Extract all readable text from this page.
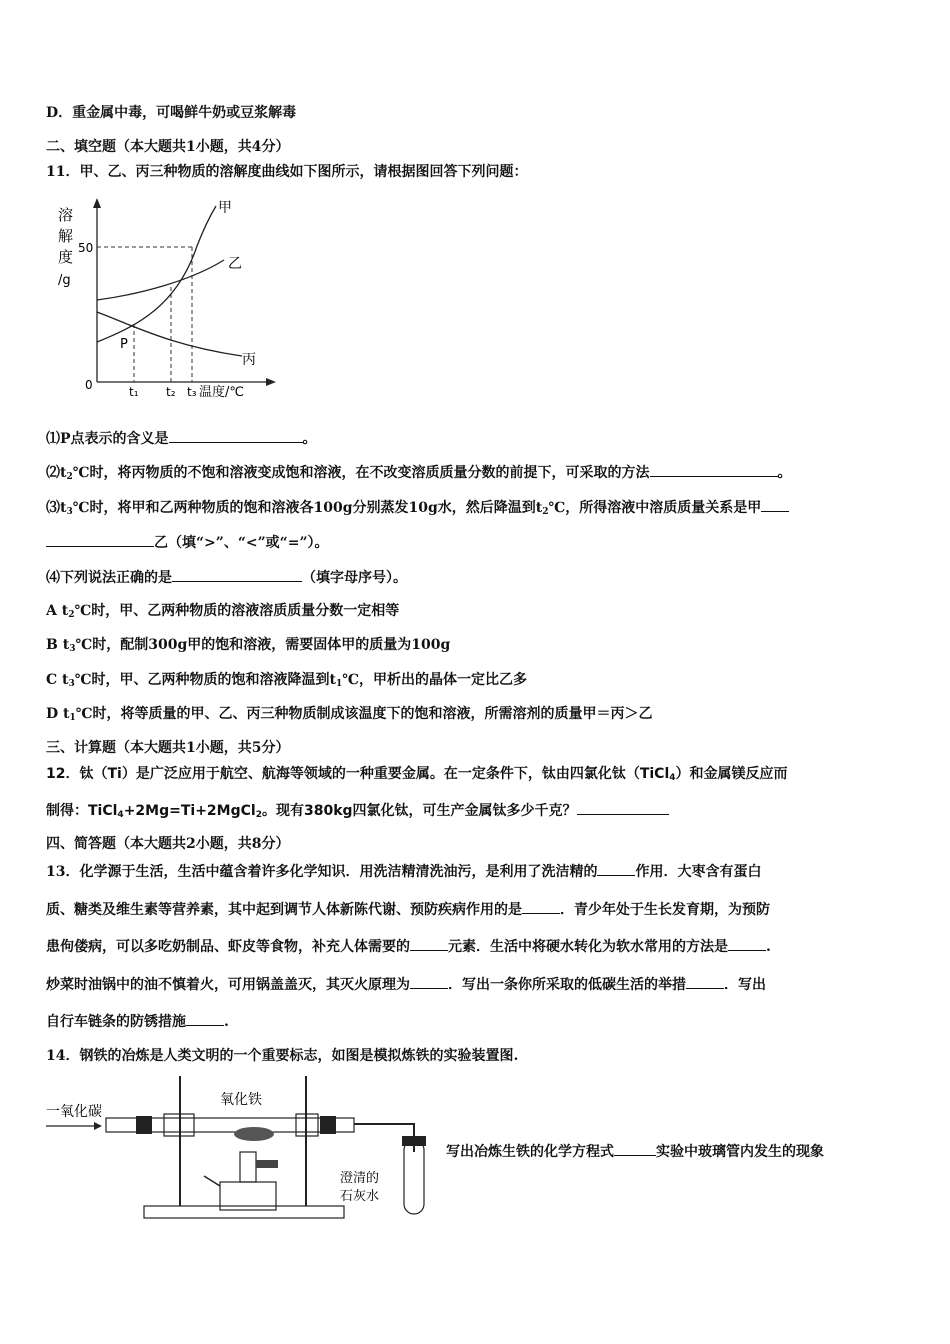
D．重金属中毒，可喝鲜牛奶或豆浆解毒
二、填空题（本大题共1小题，共4分）
11．甲、乙、丙三种物质的溶解度曲线如下图所示，请根据图回答下列问题：
溶
解
度
/g
50
0
甲
乙
丙
P
t₁ t₂ t₃ 温度/℃
⑴P点表示的含义是	。
$⑵t_2℃$时，将丙物质的不饱和溶液变成饱和溶液，在不改变溶质质量分数的前提下，可采取的方法	。
$⑶t_3℃$时，将甲和乙两种物质的饱和溶液各100g分别蒸发10g水，然后降温到$t_2℃$，所得溶液中溶质质量关系是甲
乙（填“>”、“<”或“=”）。
⑷下列说法正确的是	（填字母序号）。
A $t_2℃$时，甲、乙两种物质的溶液溶质质量分数一定相等
B $t_3℃$时，配制300g甲的饱和溶液，需要固体甲的质量为100g
C $t_3℃$时，甲、乙两种物质的饱和溶液降温到$t_1℃$，甲析出的晶体一定比乙多
D $t_1℃$时，将等质量的甲、乙、丙三种物质制成该温度下的饱和溶液，所需溶剂的质量甲＝丙＞乙
三、计算题（本大题共1小题，共5分）
12．钛（Ti）是广泛应用于航空、航海等领域的一种重要金属。在一定条件下，钛由四氯化钛（TiCl$_4$）和金属镁反应而
制得：TiCl$_4$+2Mg=Ti+2MgCl$_2$。现有380kg四氯化钛，可生产金属钛多少千克？
四、简答题（本大题共2小题，共8分）
13．化学源于生活，生活中蕴含着许多化学知识．用洗洁精清洗油污，是利用了洗洁精的	作用．大枣含有蛋白
质、糖类及维生素等营养素，其中起到调节人体新陈代谢、预防疾病作用的是	．青少年处于生长发育期，为预防
患佝偻病，可以多吃奶制品、虾皮等食物，补充人体需要的	元素．生活中将硬水转化为软水常用的方法是	.
炒菜时油锅中的油不慎着火，可用锅盖盖灭，其灭火原理为	．写出一条你所采取的低碳生活的举措	．写出
自行车链条的防锈措施	.
14．钢铁的冶炼是人类文明的一个重要标志，如图是模拟炼铁的实验装置图.
一氧化碳
氧化铁
澄清的
石灰水
写出冶炼生铁的化学方程式	实验中玻璃管内发生的现象
